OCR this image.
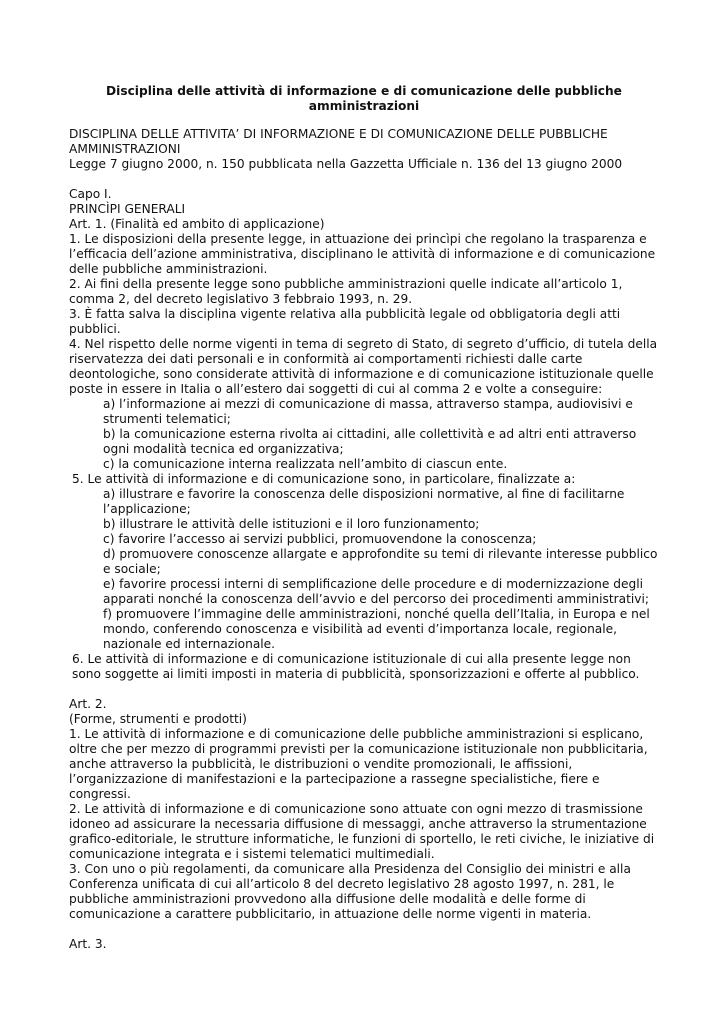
Disciplina delle attività di informazione e di comunicazione delle pubbliche amministrazioni

DISCIPLINA DELLE ATTIVITA’ DI INFORMAZIONE E DI COMUNICAZIONE DELLE PUBBLICHE AMMINISTRAZIONI

Legge 7 giugno 2000, n. 150 pubblicata nella Gazzetta Ufficiale n. 136 del 13 giugno 2000

Capo I.

PRINCÌPI GENERALI

Art. 1. (Finalità ed ambito di applicazione)

1. Le disposizioni della presente legge, in attuazione dei princìpi che regolano la trasparenza e l’efficacia dell’azione amministrativa, disciplinano le attività di informazione e di comunicazione delle pubbliche amministrazioni.

2. Ai fini della presente legge sono pubbliche amministrazioni quelle indicate all’articolo 1, comma 2, del decreto legislativo 3 febbraio 1993, n. 29.

3. È fatta salva la disciplina vigente relativa alla pubblicità legale od obbligatoria degli atti pubblici.

4. Nel rispetto delle norme vigenti in tema di segreto di Stato, di segreto d’ufficio, di tutela della riservatezza dei dati personali e in conformità ai comportamenti richiesti dalle carte deontologiche, sono considerate attività di informazione e di comunicazione istituzionale quelle poste in essere in Italia o all’estero dai soggetti di cui al comma 2 e volte a conseguire:

a) l’informazione ai mezzi di comunicazione di massa, attraverso stampa, audiovisivi e strumenti telematici;

b) la comunicazione esterna rivolta ai cittadini, alle collettività e ad altri enti attraverso ogni modalità tecnica ed organizzativa;

c) la comunicazione interna realizzata nell’ambito di ciascun ente.

5. Le attività di informazione e di comunicazione sono, in particolare, finalizzate a:

a) illustrare e favorire la conoscenza delle disposizioni normative, al fine di facilitarne l’applicazione;

b) illustrare le attività delle istituzioni e il loro funzionamento;

c) favorire l’accesso ai servizi pubblici, promuovendone la conoscenza;

d) promuovere conoscenze allargate e approfondite su temi di rilevante interesse pubblico e sociale;

e) favorire processi interni di semplificazione delle procedure e di modernizzazione degli apparati nonché la conoscenza dell’avvio e del percorso dei procedimenti amministrativi;

f) promuovere l’immagine delle amministrazioni, nonché quella dell’Italia, in Europa e nel mondo, conferendo conoscenza e visibilità ad eventi d’importanza locale, regionale, nazionale ed internazionale.

6. Le attività di informazione e di comunicazione istituzionale di cui alla presente legge non sono soggette ai limiti imposti in materia di pubblicità, sponsorizzazioni e offerte al pubblico.

Art. 2.

(Forme, strumenti e prodotti)

1. Le attività di informazione e di comunicazione delle pubbliche amministrazioni si esplicano, oltre che per mezzo di programmi previsti per la comunicazione istituzionale non pubblicitaria, anche attraverso la pubblicità, le distribuzioni o vendite promozionali, le affissioni, l’organizzazione di manifestazioni e la partecipazione a rassegne specialistiche, fiere e congressi.

2. Le attività di informazione e di comunicazione sono attuate con ogni mezzo di trasmissione idoneo ad assicurare la necessaria diffusione di messaggi, anche attraverso la strumentazione grafico-editoriale, le strutture informatiche, le funzioni di sportello, le reti civiche, le iniziative di comunicazione integrata e i sistemi telematici multimediali.

3. Con uno o più regolamenti, da comunicare alla Presidenza del Consiglio dei ministri e alla Conferenza unificata di cui all’articolo 8 del decreto legislativo 28 agosto 1997, n. 281, le pubbliche amministrazioni provvedono alla diffusione delle modalità e delle forme di comunicazione a carattere pubblicitario, in attuazione delle norme vigenti in materia.

Art. 3.
